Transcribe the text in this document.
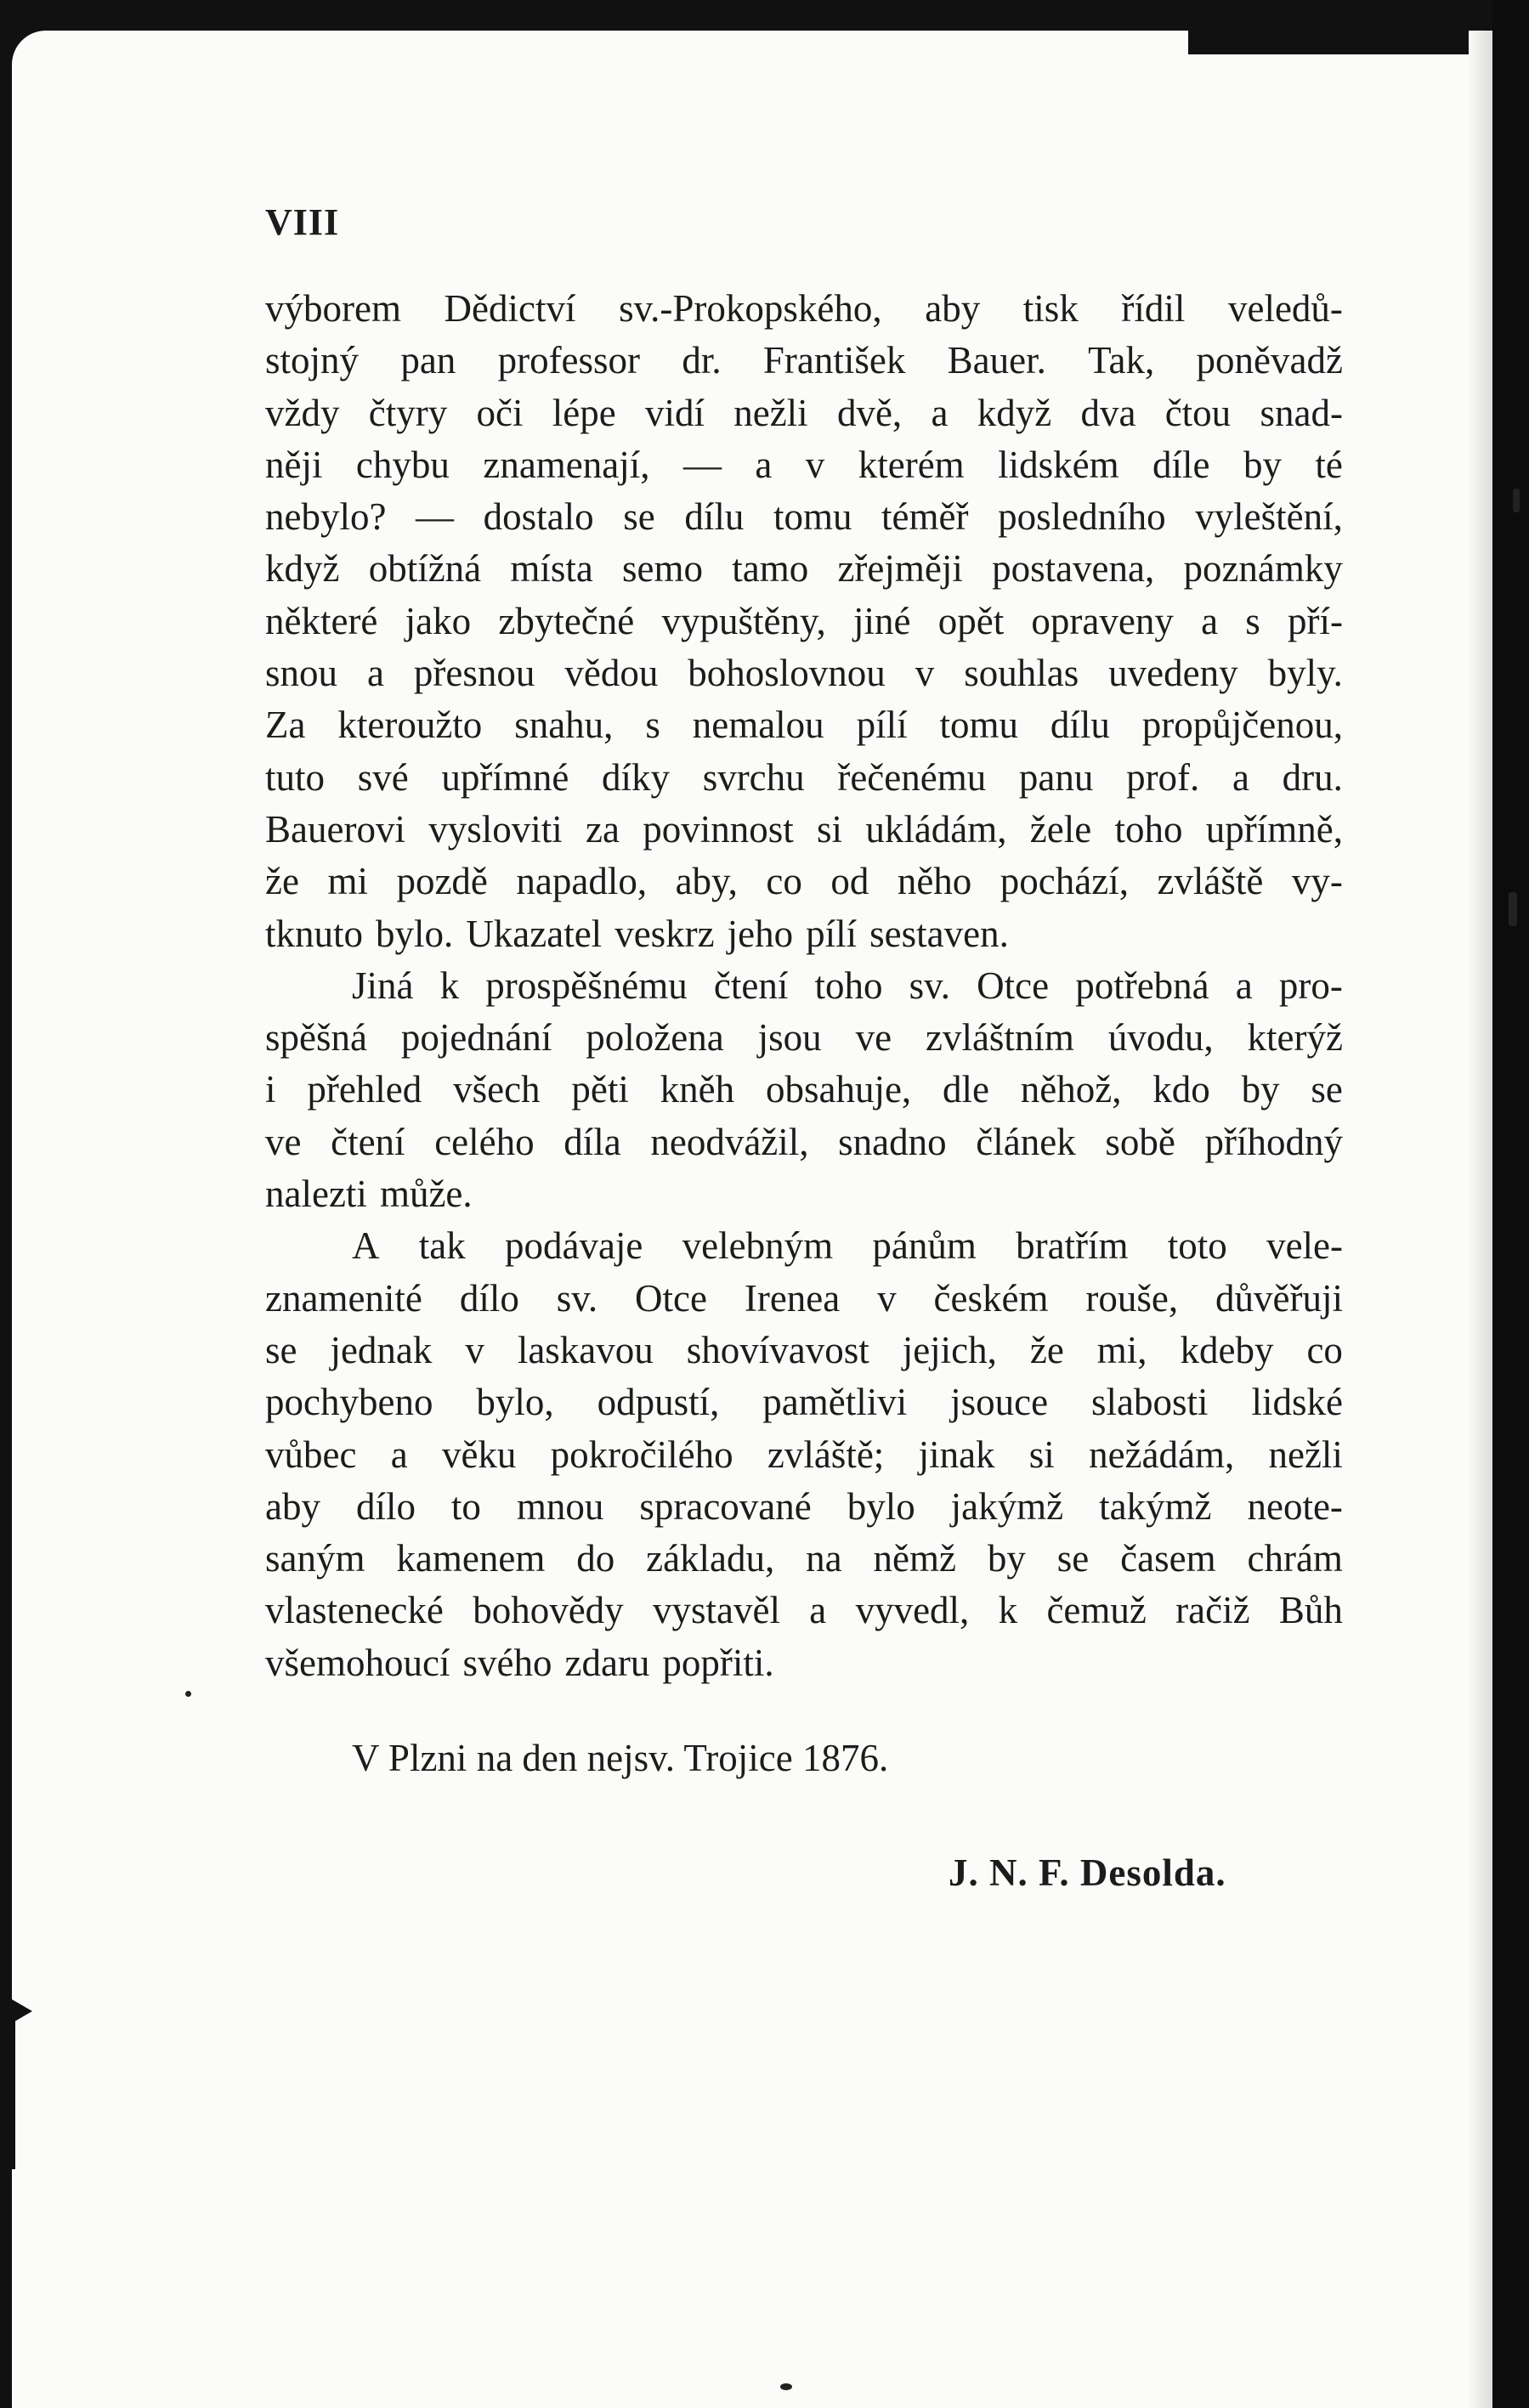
VIII
výborem Dědictví sv.-Prokopského, aby tisk řídil veledů-
stojný pan professor dr. František Bauer. Tak, poněvadž
vždy čtyry oči lépe vidí nežli dvě, a když dva čtou snad-
něji chybu znamenají, — a v kterém lidském díle by té
nebylo? — dostalo se dílu tomu téměř posledního vyleštění,
když obtížná místa semo tamo zřejměji postavena, poznámky
některé jako zbytečné vypuštěny, jiné opět opraveny a s pří-
snou a přesnou vědou bohoslovnou v souhlas uvedeny byly.
Za kteroužto snahu, s nemalou pílí tomu dílu propůjčenou,
tuto své upřímné díky svrchu řečenému panu prof. a dru.
Bauerovi vysloviti za povinnost si ukládám, žele toho upřímně,
že mi pozdě napadlo, aby, co od něho pochází, zvláště vy-
tknuto bylo. Ukazatel veskrz jeho pílí sestaven.
Jiná k prospěšnému čtení toho sv. Otce potřebná a pro-
spěšná pojednání položena jsou ve zvláštním úvodu, kterýž
i přehled všech pěti kněh obsahuje, dle něhož, kdo by se
ve čtení celého díla neodvážil, snadno článek sobě příhodný
nalezti může.
A tak podávaje velebným pánům bratřím toto vele-
znamenité dílo sv. Otce Irenea v českém rouše, důvěřuji
se jednak v laskavou shovívavost jejich, že mi, kdeby co
pochybeno bylo, odpustí, pamětlivi jsouce slabosti lidské
vůbec a věku pokročilého zvláště; jinak si nežádám, nežli
aby dílo to mnou spracované bylo jakýmž takýmž neote-
saným kamenem do základu, na němž by se časem chrám
vlastenecké bohovědy vystavěl a vyvedl, k čemuž račiž Bůh
všemohoucí svého zdaru popřiti.
V Plzni na den nejsv. Trojice 1876.
J. N. F. Desolda.
